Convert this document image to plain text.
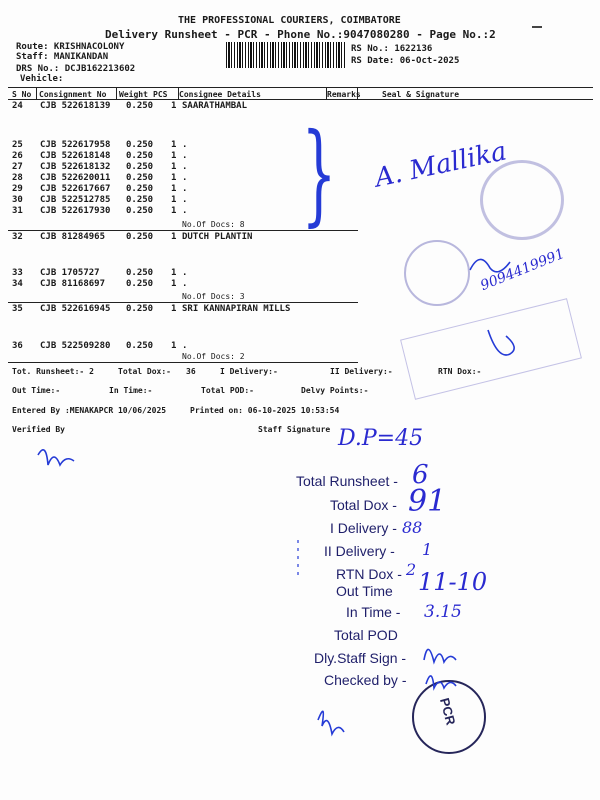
THE PROFESSIONAL COURIERS, COIMBATORE
Delivery Runsheet - PCR - Phone No.:9047080280 - Page No.:2
Route: KRISHNACOLONY
Staff: MANIKANDAN
DRS No.: DCJB162213602
Vehicle:
RS No.: 1622136
RS Date: 06-Oct-2025
S No Consignment No Weight PCS Consignee Details	Remarks	Seal & Signature
24 CJB 522618139 0.250 1 SAARATHAMBAL
25 CJB 522617958 0.250 1 .
26 CJB 522618148 0.250 1 .
27 CJB 522618132 0.250 1 .
28 CJB 522620011 0.250 1 .
29 CJB 522617667 0.250 1 .
30 CJB 522512785 0.250 1 .
31 CJB 522617930 0.250 1 .
No.Of Docs: 8
32 CJB 81284965 0.250 1 DUTCH PLANTIN
33 CJB 1705727	0.250 1 .
34 CJB 81168697 0.250 1 .
No.Of Docs: 3
35 CJB 522616945 0.250 1 SRI KANNAPIRAN MILLS
36 CJB 522509280 0.250 1 .
No.Of Docs: 2
Tot. Runsheet:- 2	Total Dox:- 36	I Delivery:-	II Delivery:-	RTN Dox:-
Out Time:-	In Time:-	Total POD:-	Delvy Points:-
Entered By :MENAKAPCR 10/06/2025	Printed on: 06-10-2025 10:53:54
Verified By	Staff Signature
} A. Mallika
9094419991
PCR
D.P=45
Total Runsheet - 6
Total Dox - 91
I Delivery - 88
II Delivery - 1
RTN Dox - 2
Out Time 11-10
In Time - 3.15
Total POD
Dly.Staff Sign -
Checked by -
